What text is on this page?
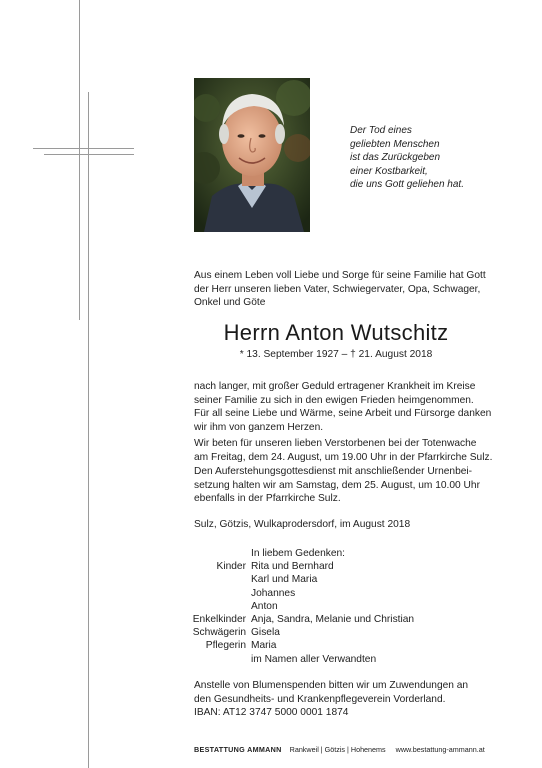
Der Tod eines
geliebten Menschen
ist das Zurückgeben
einer Kostbarkeit,
die uns Gott geliehen hat.
Aus einem Leben voll Liebe und Sorge für seine Familie hat Gott
der Herr unseren lieben Vater, Schwiegervater, Opa, Schwager,
Onkel und Göte
Herrn Anton Wutschitz
* 13. September 1927 – † 21. August 2018
nach langer, mit großer Geduld ertragener Krankheit im Kreise
seiner Familie zu sich in den ewigen Frieden heimgenommen.
Für all seine Liebe und Wärme, seine Arbeit und Fürsorge danken
wir ihm von ganzem Herzen.
Wir beten für unseren lieben Verstorbenen bei der Totenwache
am Freitag, dem 24. August, um 19.00 Uhr in der Pfarrkirche Sulz.
Den Auferstehungsgottesdienst mit anschließender Urnenbei-
setzung halten wir am Samstag, dem 25. August, um 10.00 Uhr
ebenfalls in der Pfarrkirche Sulz.
Sulz, Götzis, Wulkaprodersdorf, im August 2018
In liebem Gedenken:
Kinder Rita und Bernhard
Karl und Maria
Johannes
Anton
Enkelkinder Anja, Sandra, Melanie und Christian
Schwägerin Gisela
Pflegerin Maria
im Namen aller Verwandten
Anstelle von Blumenspenden bitten wir um Zuwendungen an
den Gesundheits- und Krankenpflegeverein Vorderland.
IBAN: AT12 3747 5000 0001 1874
BESTATTUNG AMMANN Rankweil | Götzis | Hohenems www.bestattung-ammann.at
